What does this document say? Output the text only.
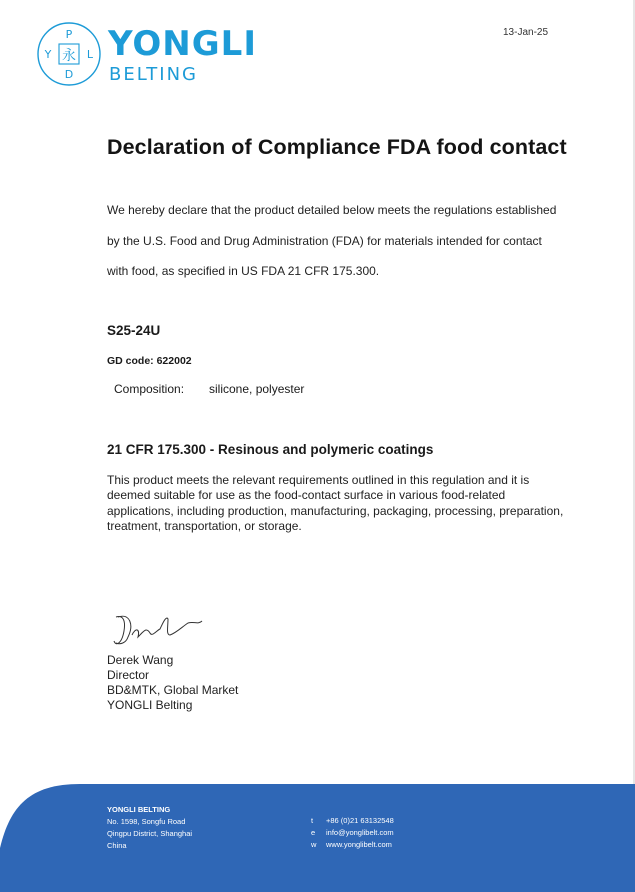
永
P
L
D
Y YONGLI
BELTING
13-Jan-25
Declaration of Compliance FDA food contact
We hereby declare that the product detailed below meets the regulations established
by the U.S. Food and Drug Administration (FDA) for materials intended for contact
with food, as specified in US FDA 21 CFR 175.300.
S25-24U
GD code: 622002
Composition: silicone, polyester
21 CFR 175.300 - Resinous and polymeric coatings
This product meets the relevant requirements outlined in this regulation and it is deemed suitable for use as the food-contact surface in various food-related applications, including production, manufacturing, packaging, processing, preparation, treatment, transportation, or storage.
Derek Wang
Director
BD&MTK, Global Market
YONGLI Belting
YONGLI BELTING
No. 1598, Songfu Road
Qingpu District, Shanghai
China
t +86 (0)21 63132548
e info@yonglibelt.com
w www.yonglibelt.com
